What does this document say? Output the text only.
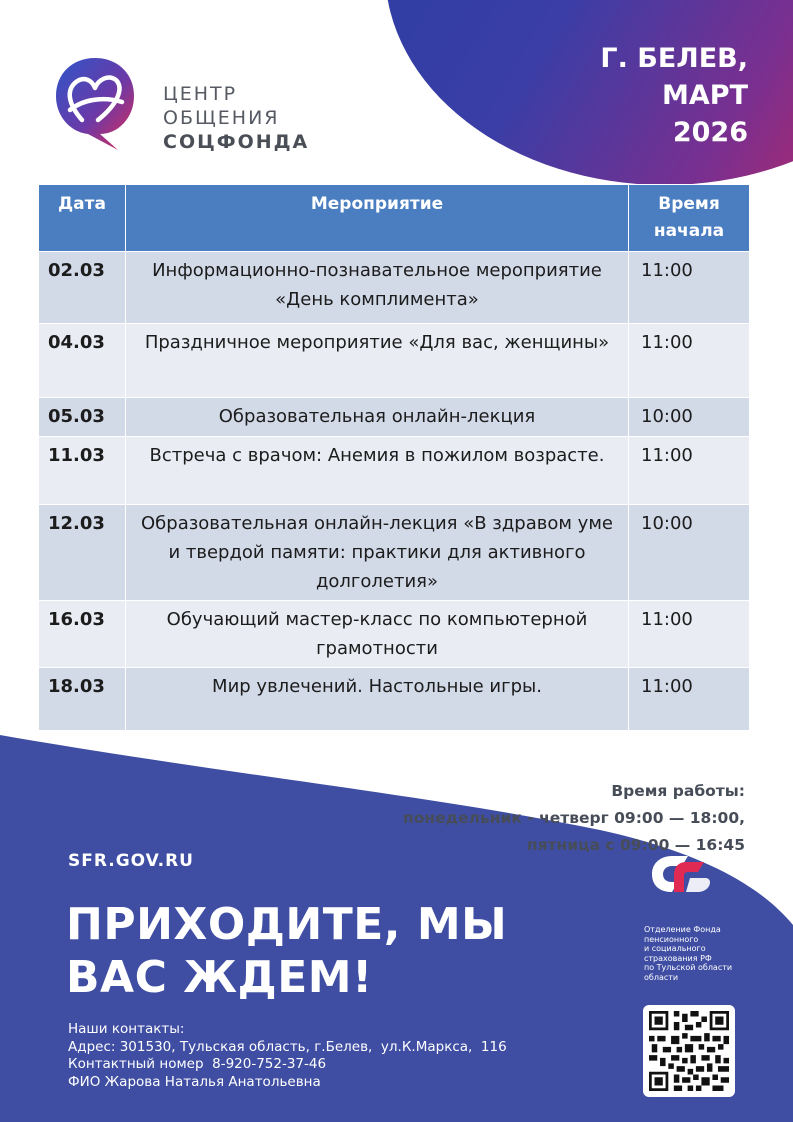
Г. БЕЛЕВ,
МАРТ
2026
ЦЕНТР
ОБЩЕНИЯ
СОЦФОНДА
Дата	Мероприятие	Время
начала
02.03	Информационно-познавательное мероприятие «День комплимента»	11:00
04.03	Праздничное мероприятие «Для вас, женщины»	11:00
05.03	Образовательная онлайн-лекция	10:00
11.03	Встреча с врачом: Анемия в пожилом возрасте.	11:00
12.03	Образовательная онлайн-лекция «В здравом уме и твердой памяти: практики для активного долголетия»	10:00
16.03	Обучающий мастер-класс по компьютерной грамотности	11:00
18.03	Мир увлечений. Настольные игры.	11:00
Время работы:
понедельник - четверг 09:00 — 18:00,
пятница с 09:00 — 16:45
SFR.GOV.RU
ПРИХОДИТЕ, МЫ
ВАС ЖДЕМ!
Наши контакты:
Адрес: 301530, Тульская область, г.Белев,  ул.К.Маркса,  116
Контактный номер  8-920-752-37-46
ФИО Жарова Наталья Анатольевна
Отделение Фонда
пенсионного
и социального
страхования РФ
по Тульской области
области
